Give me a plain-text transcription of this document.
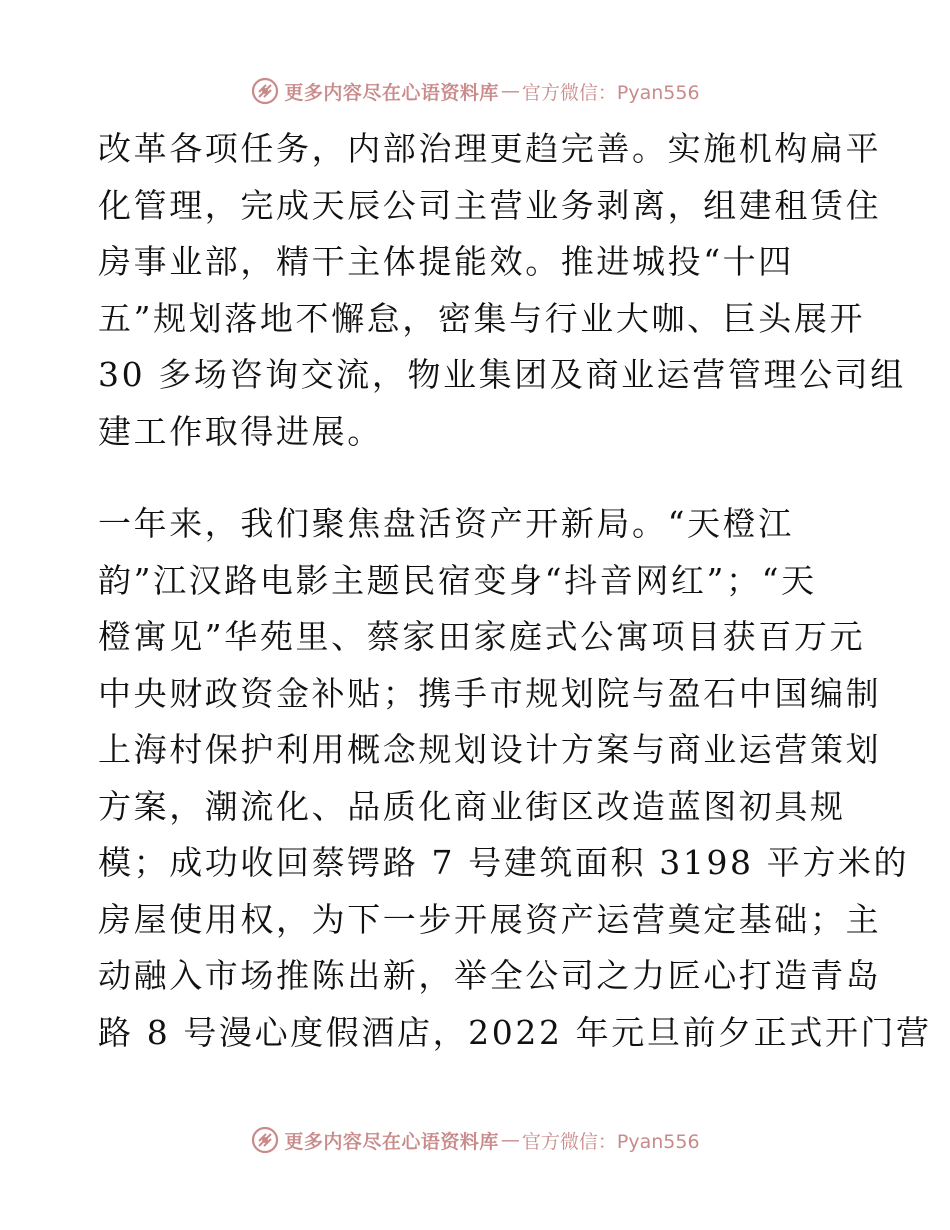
更多内容尽在心语资料库 — 官方微信：Pyan556
改革各项任务，内部治理更趋完善。实施机构扁平
化管理，完成天辰公司主营业务剥离，组建租赁住
房事业部，精干主体提能效。推进城投“十四
五”规划落地不懈怠，密集与行业大咖、巨头展开
30 多场咨询交流，物业集团及商业运营管理公司组
建工作取得进展。
一年来，我们聚焦盘活资产开新局。“天橙江
韵”江汉路电影主题民宿变身“抖音网红”；“天
橙寓见”华苑里、蔡家田家庭式公寓项目获百万元
中央财政资金补贴；携手市规划院与盈石中国编制
上海村保护利用概念规划设计方案与商业运营策划
方案，潮流化、品质化商业街区改造蓝图初具规
模；成功收回蔡锷路 7 号建筑面积 3198 平方米的
房屋使用权，为下一步开展资产运营奠定基础；主
动融入市场推陈出新，举全公司之力匠心打造青岛
路 8 号漫心度假酒店，2022 年元旦前夕正式开门营
更多内容尽在心语资料库 — 官方微信：Pyan556
